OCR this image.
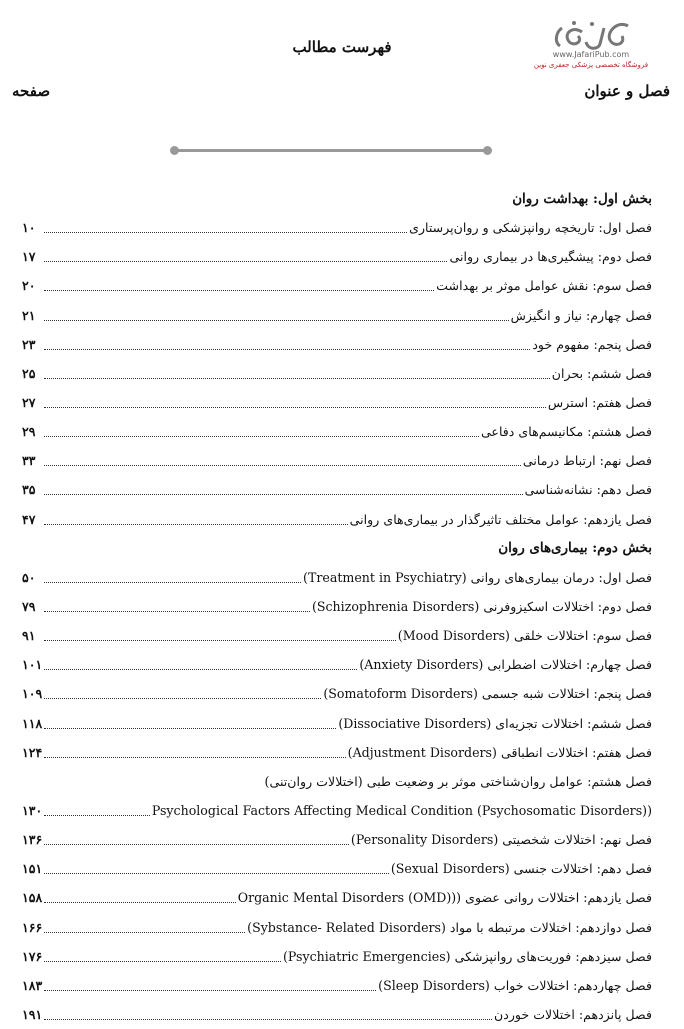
www.JafariPub.com
فروشگاه تخصصی پزشکی جعفری نوین
فهرست مطالب
فصل و عنوان
صفحه
بخش اول: بهداشت روان
فصل اول: تاریخچه روانپزشکی و روان‌پرستاری
۱۰
فصل دوم: پیشگیری‌ها در بیماری روانی
۱۷
فصل سوم: نقش عوامل موثر بر بهداشت
۲۰
فصل چهارم: نیاز و انگیزش
۲۱
فصل پنجم: مفهوم خود
۲۳
فصل ششم: بحران
۲۵
فصل هفتم: استرس
۲۷
فصل هشتم: مکانیسم‌های دفاعی
۲۹
فصل نهم: ارتباط درمانی
۳۳
فصل دهم: نشانه‌شناسی
۳۵
فصل یازدهم: عوامل مختلف تاثیرگذار در بیماری‌های روانی
۴۷
بخش دوم: بیماری‌های روان
فصل اول: درمان بیماری‌های روانی (Treatment in Psychiatry)
۵۰
فصل دوم: اختلالات اسکیزوفرنی (Schizophrenia Disorders)
۷۹
فصل سوم: اختلالات خلقی (Mood Disorders)
۹۱
فصل چهارم: اختلالات اضطرابی (Anxiety Disorders)
۱۰۱
فصل پنجم: اختلالات شبه جسمی (Somatoform Disorders)
۱۰۹
فصل ششم: اختلالات تجزیه‌ای (Dissociative Disorders)
۱۱۸
فصل هفتم: اختلالات انطباقی (Adjustment Disorders)
۱۲۴
فصل هشتم: عوامل روان‌شناختی موثر بر وضعیت طبی (اختلالات روان‌تنی)
(Psychological Factors Affecting Medical Condition (Psychosomatic Disorders)
۱۳۰
فصل نهم: اختلالات شخصیتی (Personality Disorders)
۱۳۶
فصل دهم: اختلالات جنسی (Sexual Disorders)
۱۵۱
فصل یازدهم: اختلالات روانی عضوی ((Organic Mental Disorders (OMD)
۱۵۸
فصل دوازدهم: اختلالات مرتبطه با مواد (Sybstance- Related Disorders)
۱۶۶
فصل سیزدهم: فوریت‌های روانپزشکی (Psychiatric Emergencies)
۱۷۶
فصل چهاردهم: اختلالات خواب (Sleep Disorders)
۱۸۳
فصل پانزدهم: اختلالات خوردن
۱۹۱
